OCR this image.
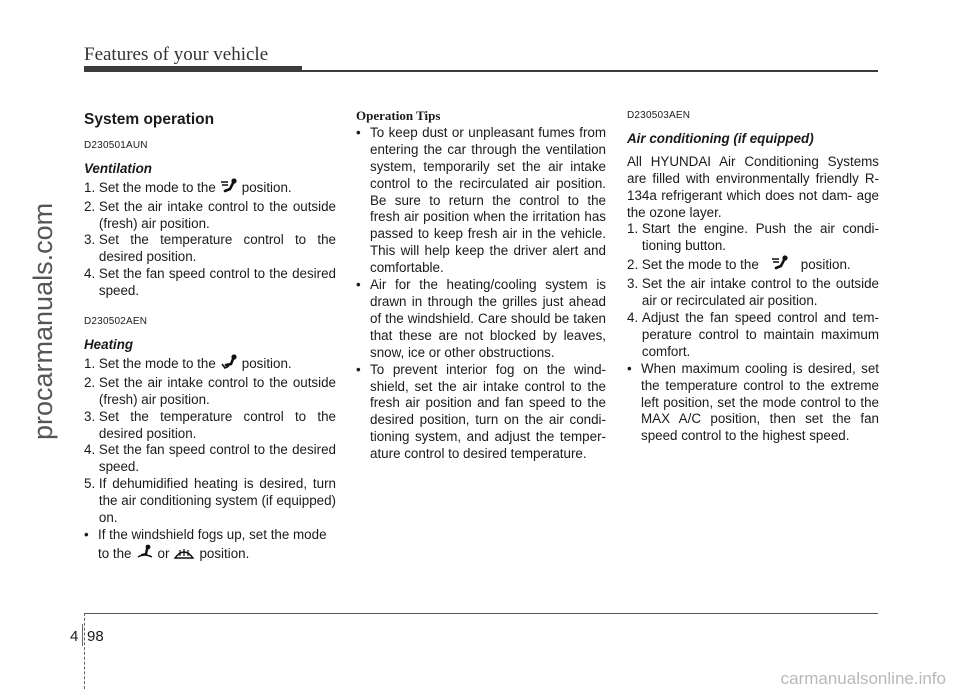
Features of your vehicle
procarmanuals.com

System operation

D230501AUN

Ventilation

1. Set the mode to the position.

2. Set the air intake control to the outside (fresh) air position.
3. Set the temperature control to the desired position.
4. Set the fan speed control to the desired speed.

D230502AEN

Heating

1. Set the mode to the position.

2. Set the air intake control to the outside (fresh) air position.
3. Set the temperature control to the desired position.
4. Set the fan speed control to the desired speed.
5. If dehumidified heating is desired, turn the air conditioning system (if equipped) on.
• If the windshield fogs up, set the mode to the or position.

Operation Tips

• To keep dust or unpleasant fumes from entering the car through the ventilation system, temporarily set the air intake control to the recirculated air position. Be sure to return the control to the fresh air position when the irritation has passed to keep fresh air in the vehicle. This will help keep the driver alert and comfortable.
• Air for the heating/cooling system is drawn in through the grilles just ahead of the windshield. Care should be taken that these are not blocked by leaves, snow, ice or other obstructions.
• To prevent interior fog on the wind- shield, set the air intake control to the fresh air position and fan speed to the desired position, turn on the air condi- tioning system, and adjust the temper- ature control to desired temperature.

D230503AEN

Air conditioning (if equipped)

All HYUNDAI Air Conditioning Systems are filled with environmentally friendly R-134a refrigerant which does not dam- age the ozone layer.

1. Start the engine. Push the air condi- tioning button.

2. Set the mode to the	position.

3. Set the air intake control to the outside air or recirculated air position.
4. Adjust the fan speed control and tem- perature control to maintain maximum comfort.
• When maximum cooling is desired, set the temperature control to the extreme left position, set the mode control to the MAX A/C position, then set the fan speed control to the highest speed.
4 98
carmanualsonline.info
